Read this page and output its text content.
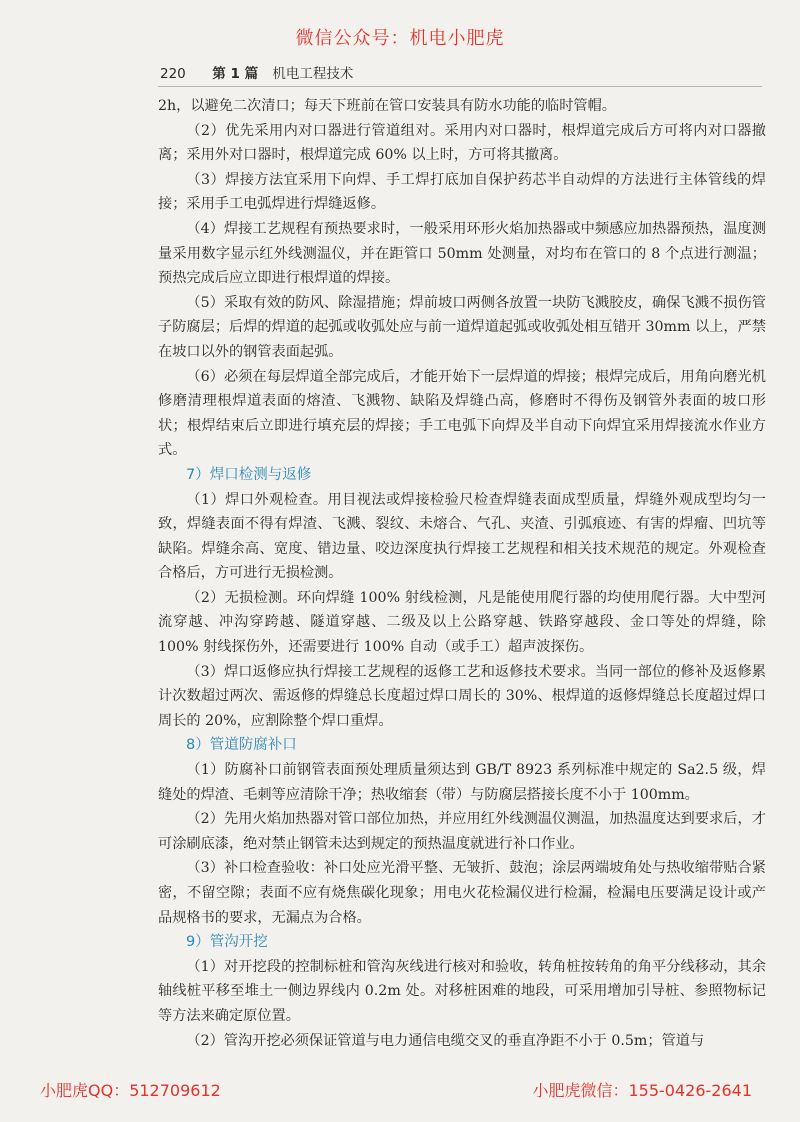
微信公众号：机电小肥虎
220 第 1 篇 机电工程技术

2h，以避免二次清口；每天下班前在管口安装具有防水功能的临时管帽。

（2）优先采用内对口器进行管道组对。采用内对口器时，根焊道完成后方可将内对口器撤离；采用外对口器时，根焊道完成 60% 以上时，方可将其撤离。

（3）焊接方法宜采用下向焊、手工焊打底加自保护药芯半自动焊的方法进行主体管线的焊接；采用手工电弧焊进行焊缝返修。

（4）焊接工艺规程有预热要求时，一般采用环形火焰加热器或中频感应加热器预热，温度测量采用数字显示红外线测温仪，并在距管口 50mm 处测量，对均布在管口的 8 个点进行测温；预热完成后应立即进行根焊道的焊接。

（5）采取有效的防风、除湿措施；焊前坡口两侧各放置一块防飞溅胶皮，确保飞溅不损伤管子防腐层；后焊的焊道的起弧或收弧处应与前一道焊道起弧或收弧处相互错开 30mm 以上，严禁在坡口以外的钢管表面起弧。

（6）必须在每层焊道全部完成后，才能开始下一层焊道的焊接；根焊完成后，用角向磨光机修磨清理根焊道表面的熔渣、飞溅物、缺陷及焊缝凸高，修磨时不得伤及钢管外表面的坡口形状；根焊结束后立即进行填充层的焊接；手工电弧下向焊及半自动下向焊宜采用焊接流水作业方式。

7）焊口检测与返修

（1）焊口外观检查。用目视法或焊接检验尺检查焊缝表面成型质量，焊缝外观成型均匀一致，焊缝表面不得有焊渣、飞溅、裂纹、未熔合、气孔、夹渣、引弧痕迹、有害的焊瘤、凹坑等缺陷。焊缝余高、宽度、错边量、咬边深度执行焊接工艺规程和相关技术规范的规定。外观检查合格后，方可进行无损检测。

（2）无损检测。环向焊缝 100% 射线检测，凡是能使用爬行器的均使用爬行器。大中型河流穿越、冲沟穿跨越、隧道穿越、二级及以上公路穿越、铁路穿越段、金口等处的焊缝，除 100% 射线探伤外，还需要进行 100% 自动（或手工）超声波探伤。

（3）焊口返修应执行焊接工艺规程的返修工艺和返修技术要求。当同一部位的修补及返修累计次数超过两次、需返修的焊缝总长度超过焊口周长的 30%、根焊道的返修焊缝总长度超过焊口周长的 20%，应割除整个焊口重焊。

8）管道防腐补口

（1）防腐补口前钢管表面预处理质量须达到 GB/T 8923 系列标准中规定的 Sa2.5 级，焊缝处的焊渣、毛刺等应清除干净；热收缩套（带）与防腐层搭接长度不小于 100mm。

（2）先用火焰加热器对管口部位加热，并应用红外线测温仪测温，加热温度达到要求后，才可涂刷底漆，绝对禁止钢管未达到规定的预热温度就进行补口作业。

（3）补口检查验收：补口处应光滑平整、无皱折、鼓泡；涂层两端坡角处与热收缩带贴合紧密，不留空隙；表面不应有烧焦碳化现象；用电火花检漏仪进行检漏，检漏电压要满足设计或产品规格书的要求，无漏点为合格。

9）管沟开挖

（1）对开挖段的控制标桩和管沟灰线进行核对和验收，转角桩按转角的角平分线移动，其余轴线桩平移至堆土一侧边界线内 0.2m 处。对移桩困难的地段，可采用增加引导桩、参照物标记等方法来确定原位置。

（2）管沟开挖必须保证管道与电力通信电缆交叉的垂直净距不小于 0.5m；管道与

小肥虎QQ：512709612	小肥虎微信：155-0426-2641
